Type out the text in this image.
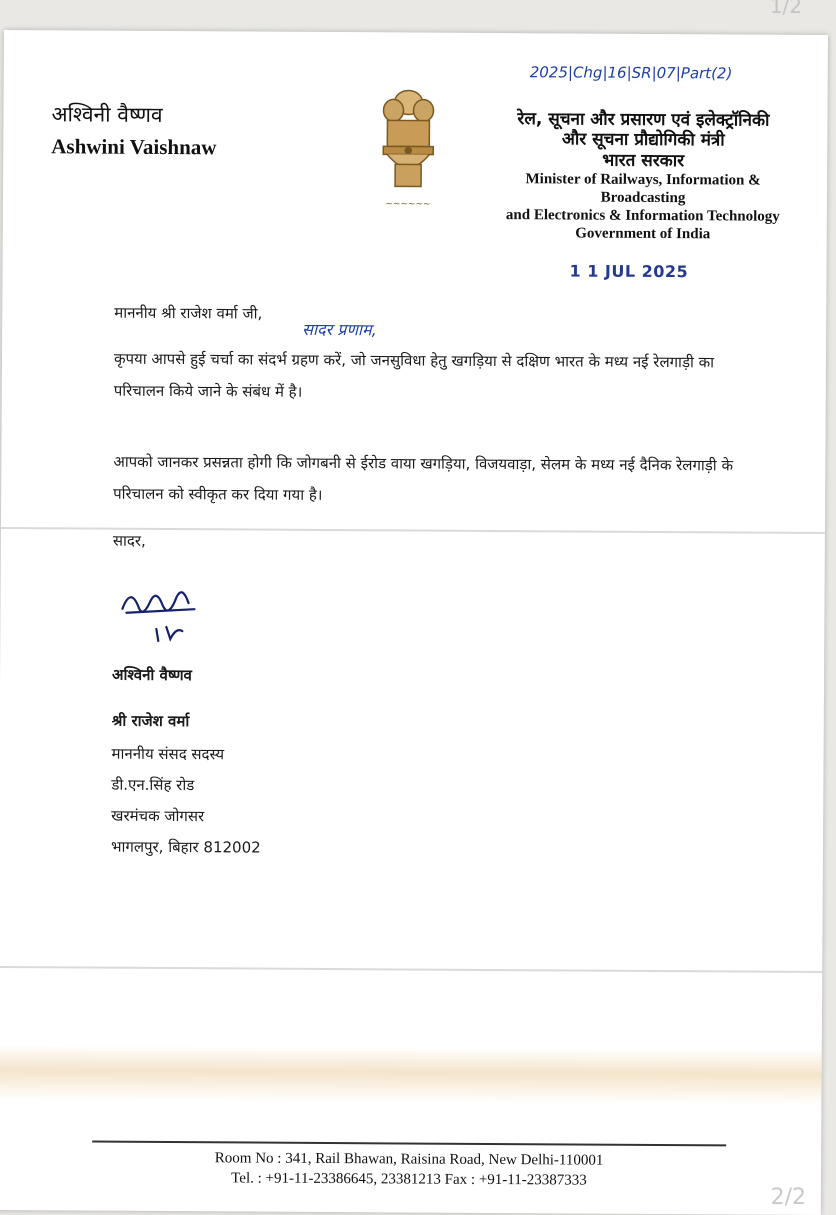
1/2
अश्विनी वैष्णव
Ashwini Vaishnaw
~~~~~~
2025|Chg|16|SR|07|Part(2)
रेल, सूचना और प्रसारण एवं इलेक्ट्रॉनिकी
और सूचना प्रौद्योगिकी मंत्री
भारत सरकार
Minister of Railways, Information & Broadcasting
and Electronics & Information Technology
Government of India
1 1 JUL 2025
माननीय श्री राजेश वर्मा जी,
सादर प्रणाम,
कृपया आपसे हुई चर्चा का संदर्भ ग्रहण करें, जो जनसुविधा हेतु खगड़िया से दक्षिण भारत के मध्य नई रेलगाड़ी का परिचालन किये जाने के संबंध में है।
आपको जानकर प्रसन्नता होगी कि जोगबनी से ईरोड वाया खगड़िया, विजयवाड़ा, सेलम के मध्य नई दैनिक रेलगाड़ी के परिचालन को स्वीकृत कर दिया गया है।
सादर,
अश्विनी वैष्णव
श्री राजेश वर्मा
माननीय संसद सदस्य
डी.एन.सिंह रोड
खरमंचक जोगसर
भागलपुर, बिहार 812002
Room No : 341, Rail Bhawan, Raisina Road, New Delhi-110001
Tel. : +91-11-23386645, 23381213 Fax : +91-11-23387333
2/2
